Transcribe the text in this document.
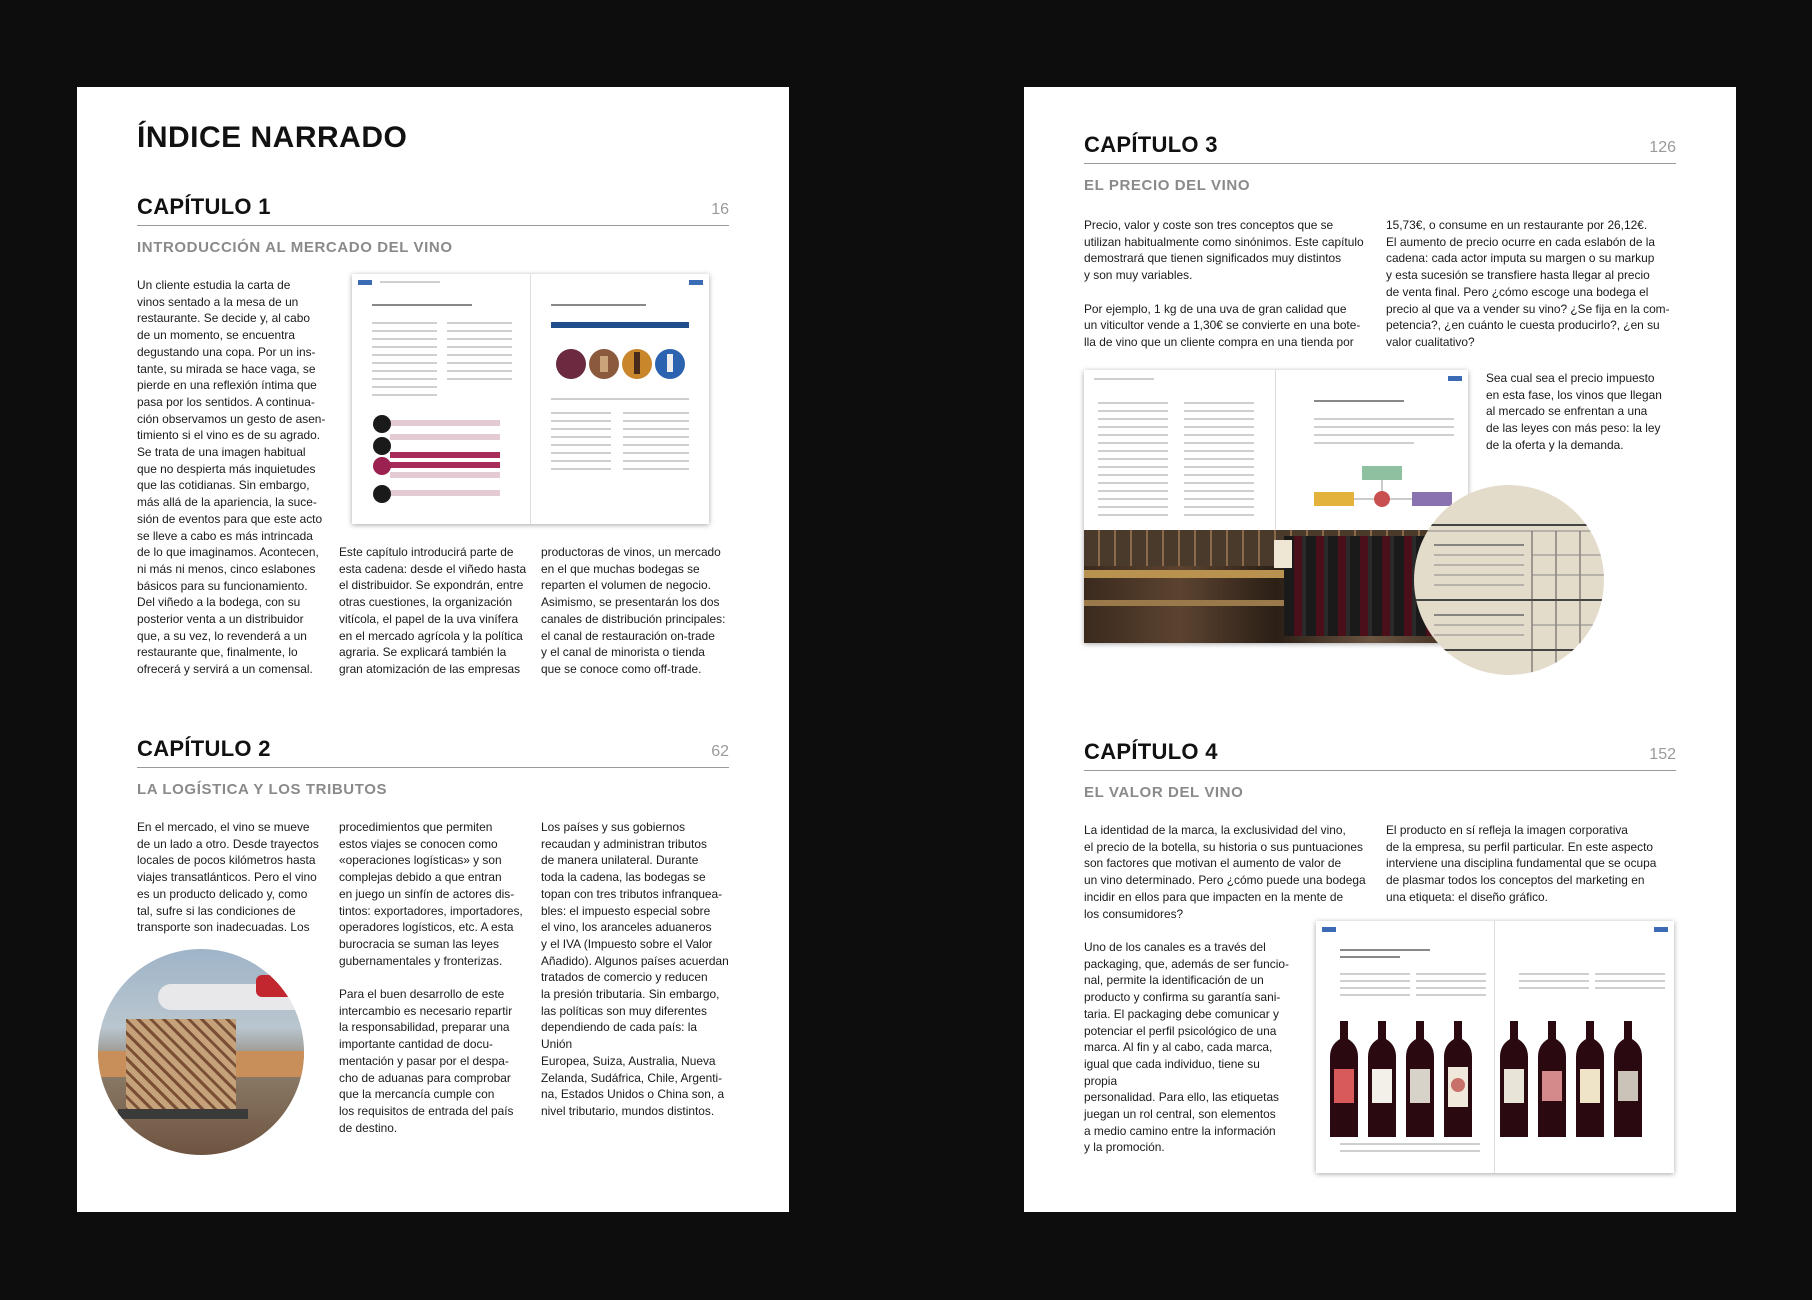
ÍNDICE NARRADO
CAPÍTULO 1	16
INTRODUCCIÓN AL MERCADO DEL VINO

Un cliente estudia la carta de
vinos sentado a la mesa de un
restaurante. Se decide y, al cabo
de un momento, se encuentra
degustando una copa. Por un ins-
tante, su mirada se hace vaga, se
pierde en una reflexión íntima que
pasa por los sentidos. A continua-
ción observamos un gesto de asen-
timiento si el vino es de su agrado.
Se trata de una imagen habitual
que no despierta más inquietudes
que las cotidianas. Sin embargo,
más allá de la apariencia, la suce-
sión de eventos para que este acto
se lleve a cabo es más intrincada
de lo que imaginamos. Acontecen,
ni más ni menos, cinco eslabones
básicos para su funcionamiento.
Del viñedo a la bodega, con su
posterior venta a un distribuidor
que, a su vez, lo revenderá a un
restaurante que, finalmente, lo
ofrecerá y servirá a un comensal.

Este capítulo introducirá parte de
esta cadena: desde el viñedo hasta
el distribuidor. Se expondrán, entre
otras cuestiones, la organización
vitícola, el papel de la uva vinífera
en el mercado agrícola y la política
agraria. Se explicará también la
gran atomización de las empresas

productoras de vinos, un mercado
en el que muchas bodegas se
reparten el volumen de negocio.
Asimismo, se presentarán los dos
canales de distribución principales:
el canal de restauración on-trade
y el canal de minorista o tienda
que se conoce como off-trade.

CAPÍTULO 2	62
LA LOGÍSTICA Y LOS TRIBUTOS

En el mercado, el vino se mueve
de un lado a otro. Desde trayectos
locales de pocos kilómetros hasta
viajes transatlánticos. Pero el vino
es un producto delicado y, como
tal, sufre si las condiciones de
transporte son inadecuadas. Los

procedimientos que permiten
estos viajes se conocen como
«operaciones logísticas» y son
complejas debido a que entran
en juego un sinfín de actores dis-
tintos: exportadores, importadores,
operadores logísticos, etc. A esta
burocracia se suman las leyes
gubernamentales y fronterizas.

Para el buen desarrollo de este
intercambio es necesario repartir
la responsabilidad, preparar una
importante cantidad de docu-
mentación y pasar por el despa-
cho de aduanas para comprobar
que la mercancía cumple con
los requisitos de entrada del país
de destino.

Los países y sus gobiernos
recaudan y administran tributos
de manera unilateral. Durante
toda la cadena, las bodegas se
topan con tres tributos infranquea-
bles: el impuesto especial sobre
el vino, los aranceles aduaneros
y el IVA (Impuesto sobre el Valor
Añadido). Algunos países acuerdan
tratados de comercio y reducen
la presión tributaria. Sin embargo,
las políticas son muy diferentes
dependiendo de cada país: la Unión
Europea, Suiza, Australia, Nueva
Zelanda, Sudáfrica, Chile, Argenti-
na, Estados Unidos o China son, a
nivel tributario, mundos distintos.

CAPÍTULO 3	126
EL PRECIO DEL VINO

Precio, valor y coste son tres conceptos que se
utilizan habitualmente como sinónimos. Este capítulo
demostrará que tienen significados muy distintos
y son muy variables.

Por ejemplo, 1 kg de una uva de gran calidad que
un viticultor vende a 1,30€ se convierte en una bote-
lla de vino que un cliente compra en una tienda por

15,73€, o consume en un restaurante por 26,12€.
El aumento de precio ocurre en cada eslabón de la
cadena: cada actor imputa su margen o su markup
y esta sucesión se transfiere hasta llegar al precio
de venta final. Pero ¿cómo escoge una bodega el
precio al que va a vender su vino? ¿Se fija en la com-
petencia?, ¿en cuánto le cuesta producirlo?, ¿en su
valor cualitativo?

Sea cual sea el precio impuesto
en esta fase, los vinos que llegan
al mercado se enfrentan a una
de las leyes con más peso: la ley
de la oferta y la demanda.

CAPÍTULO 4	152
EL VALOR DEL VINO

La identidad de la marca, la exclusividad del vino,
el precio de la botella, su historia o sus puntuaciones
son factores que motivan el aumento de valor de
un vino determinado. Pero ¿cómo puede una bodega
incidir en ellos para que impacten en la mente de
los consumidores?

El producto en sí refleja la imagen corporativa
de la empresa, su perfil particular. En este aspecto
interviene una disciplina fundamental que se ocupa
de plasmar todos los conceptos del marketing en
una etiqueta: el diseño gráfico.

Uno de los canales es a través del
packaging, que, además de ser funcio-
nal, permite la identificación de un
producto y confirma su garantía sani-
taria. El packaging debe comunicar y
potenciar el perfil psicológico de una
marca. Al fin y al cabo, cada marca,
igual que cada individuo, tiene su propia
personalidad. Para ello, las etiquetas
juegan un rol central, son elementos
a medio camino entre la información
y la promoción.
